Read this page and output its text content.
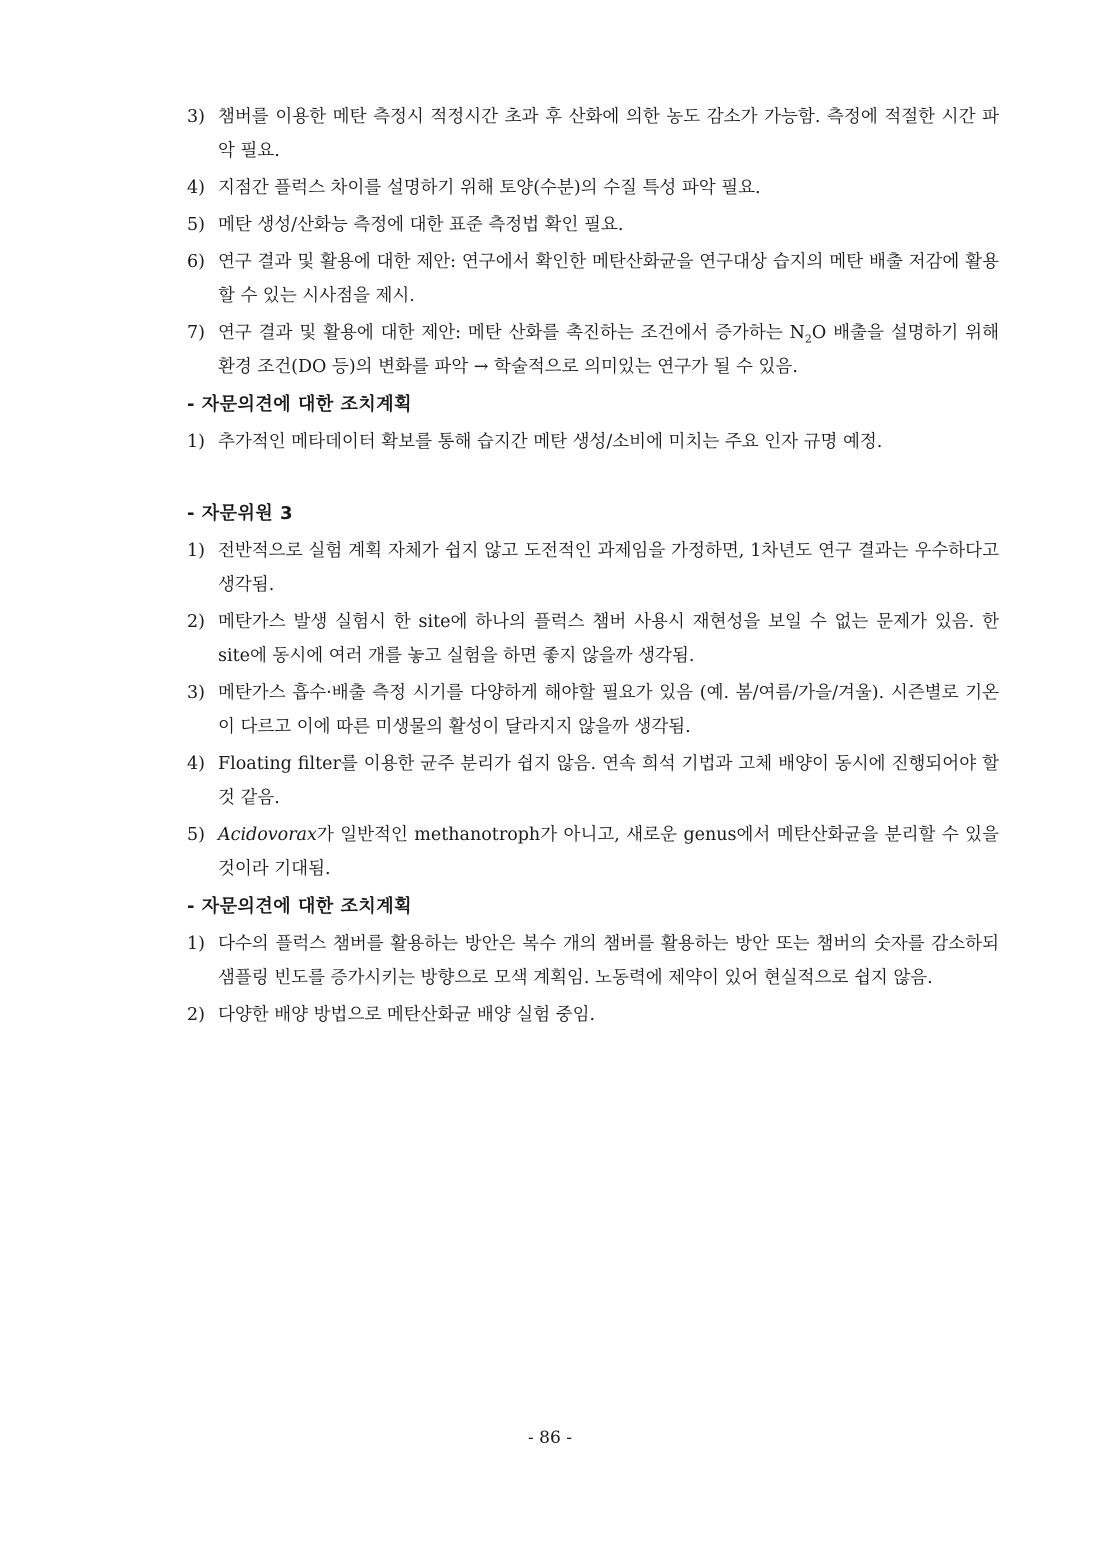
3) 챔버를 이용한 메탄 측정시 적정시간 초과 후 산화에 의한 농도 감소가 가능함. 측정에 적절한 시간 파악 필요.
4) 지점간 플럭스 차이를 설명하기 위해 토양(수분)의 수질 특성 파악 필요.
5) 메탄 생성/산화능 측정에 대한 표준 측정법 확인 필요.
6) 연구 결과 및 활용에 대한 제안: 연구에서 확인한 메탄산화균을 연구대상 습지의 메탄 배출 저감에 활용할 수 있는 시사점을 제시.
7) 연구 결과 및 활용에 대한 제안: 메탄 산화를 촉진하는 조건에서 증가하는 $N_2O$ 배출을 설명하기 위해 환경 조건(DO 등)의 변화를 파악 → 학술적으로 의미있는 연구가 될 수 있음.
- 자문의견에 대한 조치계획
1) 추가적인 메타데이터 확보를 통해 습지간 메탄 생성/소비에 미치는 주요 인자 규명 예정.
- 자문위원 3
1) 전반적으로 실험 계획 자체가 쉽지 않고 도전적인 과제임을 가정하면, 1차년도 연구 결과는 우수하다고 생각됨.
2) 메탄가스 발생 실험시 한 site에 하나의 플럭스 챔버 사용시 재현성을 보일 수 없는 문제가 있음. 한 site에 동시에 여러 개를 놓고 실험을 하면 좋지 않을까 생각됨.
3) 메탄가스 흡수·배출 측정 시기를 다양하게 해야할 필요가 있음 (예. 봄/여름/가을/겨울). 시즌별로 기온이 다르고 이에 따른 미생물의 활성이 달라지지 않을까 생각됨.
4) Floating filter를 이용한 균주 분리가 쉽지 않음. 연속 희석 기법과 고체 배양이 동시에 진행되어야 할 것 같음.
5) Acidovorax가 일반적인 methanotroph가 아니고, 새로운 genus에서 메탄산화균을 분리할 수 있을 것이라 기대됨.
- 자문의견에 대한 조치계획
1) 다수의 플럭스 챔버를 활용하는 방안은 복수 개의 챔버를 활용하는 방안 또는 챔버의 숫자를 감소하되 샘플링 빈도를 증가시키는 방향으로 모색 계획임. 노동력에 제약이 있어 현실적으로 쉽지 않음.
2) 다양한 배양 방법으로 메탄산화균 배양 실험 중임.
- 86 -
